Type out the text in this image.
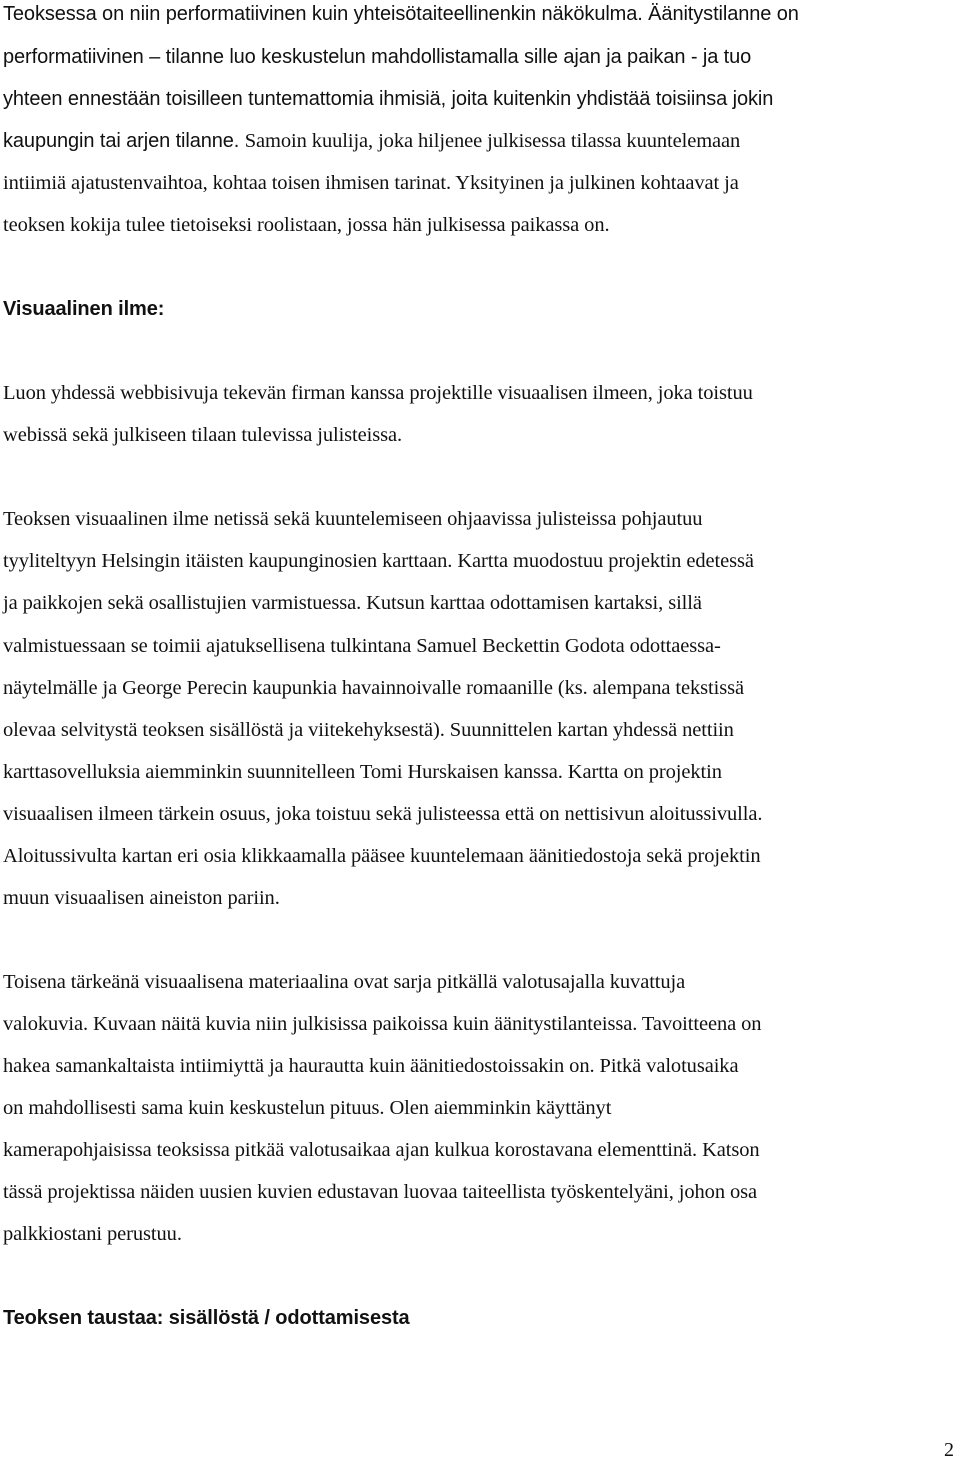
Teoksessa on niin performatiivinen kuin yhteisötaiteellinenkin näkökulma. Äänitystilanne on
performatiivinen – tilanne luo keskustelun mahdollistamalla sille ajan ja paikan - ja tuo
yhteen ennestään toisilleen tuntemattomia ihmisiä, joita kuitenkin yhdistää toisiinsa jokin
kaupungin tai arjen tilanne. Samoin kuulija, joka hiljenee julkisessa tilassa kuuntelemaan
intiimiä ajatustenvaihtoa, kohtaa toisen ihmisen tarinat. Yksityinen ja julkinen kohtaavat ja
teoksen kokija tulee tietoiseksi roolistaan, jossa hän julkisessa paikassa on.
Visuaalinen ilme:
Luon yhdessä webbisivuja tekevän firman kanssa projektille visuaalisen ilmeen, joka toistuu
webissä sekä julkiseen tilaan tulevissa julisteissa.
Teoksen visuaalinen ilme netissä sekä kuuntelemiseen ohjaavissa julisteissa pohjautuu
tyyliteltyyn Helsingin itäisten kaupunginosien karttaan. Kartta muodostuu projektin edetessä
ja paikkojen sekä osallistujien varmistuessa. Kutsun karttaa odottamisen kartaksi, sillä
valmistuessaan se toimii ajatuksellisena tulkintana Samuel Beckettin Godota odottaessa-
näytelmälle ja George Perecin kaupunkia havainnoivalle romaanille (ks. alempana tekstissä
olevaa selvitystä teoksen sisällöstä ja viitekehyksestä). Suunnittelen kartan yhdessä nettiin
karttasovelluksia aiemminkin suunnitelleen Tomi Hurskaisen kanssa. Kartta on projektin
visuaalisen ilmeen tärkein osuus, joka toistuu sekä julisteessa että on nettisivun aloitussivulla.
Aloitussivulta kartan eri osia klikkaamalla pääsee kuuntelemaan äänitiedostoja sekä projektin
muun visuaalisen aineiston pariin.
Toisena tärkeänä visuaalisena materiaalina ovat sarja pitkällä valotusajalla kuvattuja
valokuvia. Kuvaan näitä kuvia niin julkisissa paikoissa kuin äänitystilanteissa. Tavoitteena on
hakea samankaltaista intiimiyttä ja haurautta kuin äänitiedostoissakin on. Pitkä valotusaika
on mahdollisesti sama kuin keskustelun pituus. Olen aiemminkin käyttänyt
kamerapohjaisissa teoksissa pitkää valotusaikaa ajan kulkua korostavana elementtinä. Katson
tässä projektissa näiden uusien kuvien edustavan luovaa taiteellista työskentelyäni, johon osa
palkkiostani perustuu.
Teoksen taustaa: sisällöstä / odottamisesta
2
